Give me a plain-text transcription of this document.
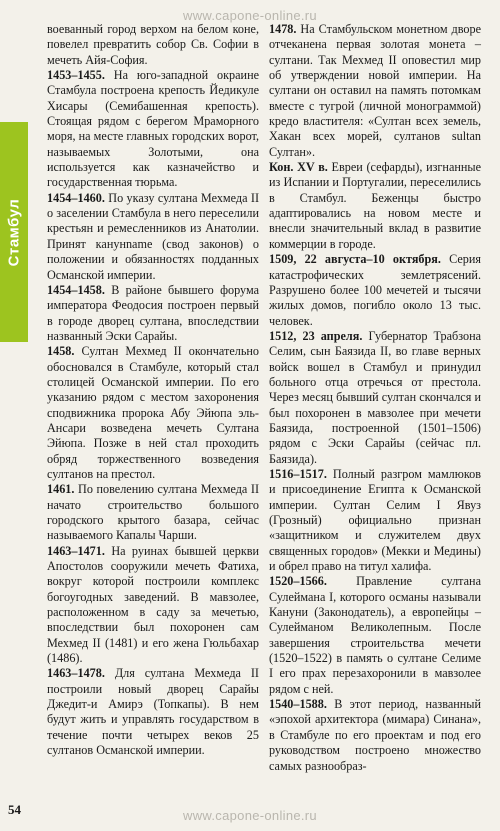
www.capone-online.ru
Стамбул

воеванный город верхом на белом коне, повелел превратить собор Св. Софии в мечеть Айя-София.

1453–1455. На юго-западной окраине Стамбула построена крепость Йедикуле Хисары (Семибашенная крепость). Стоящая рядом с берегом Мраморного моря, на месте главных городских ворот, называемых Золотыми, она используется как казначейство и государственная тюрьма.

1454–1460. По указу султана Мехмеда II о заселении Стамбула в него переселили крестьян и ремесленников из Анатолии. Принят канунname (свод законов) о положении и обязанностях подданных Османской империи.

1454–1458. В районе бывшего форума императора Феодосия построен первый в городе дворец султана, впоследствии названный Эски Сарайы.

1458. Султан Мехмед II окончательно обосновался в Стамбуле, который стал столицей Османской империи. По его указанию рядом с местом захоронения сподвижника пророка Абу Эйюпа эль-Ансари возведена мечеть Султана Эйюпа. Позже в ней стал проходить обряд торжественного возведения султанов на престол.

1461. По повелению султана Мехмеда II начато строительство большого городского крытого базара, сейчас называемого Капалы Чарши.

1463–1471. На руинах бывшей церкви Апостолов сооружили мечеть Фатиха, вокруг которой построили комплекс богоугодных заведений. В мавзолее, расположенном в саду за мечетью, впоследствии был похоронен сам Мехмед II (1481) и его жена Гюльбахар (1486).

1463–1478. Для султана Мехмеда II построили новый дворец Сарайы Джедит-и Амирэ (Топкапы). В нем будут жить и управлять государством в течение почти четырех веков 25 султанов Османской империи.

1478. На Стамбульском монетном дворе отчеканена первая золотая монета – султани. Так Мехмед II оповестил мир об утверждении новой империи. На султани он оставил на память потомкам вместе с тугрой (личной монограммой) кредо властителя: «Султан всех земель, Хакан всех морей, султанов sultan Султан».

Кон. XV в. Евреи (сефарды), изгнанные из Испании и Португалии, переселились в Стамбул. Беженцы быстро адаптировались на новом месте и внесли значительный вклад в развитие коммерции в городе.

1509, 22 августа–10 октября. Серия катастрофических землетрясений. Разрушено более 100 мечетей и тысячи жилых домов, погибло около 13 тыс. человек.

1512, 23 апреля. Губернатор Трабзона Селим, сын Баязида II, во главе верных войск вошел в Стамбул и принудил больного отца отречься от престола. Через месяц бывший султан скончался и был похоронен в мавзолее при мечети Баязида, построенной (1501–1506) рядом с Эски Сарайы (сейчас пл. Баязида).

1516–1517. Полный разгром мамлюков и присоединение Египта к Османской империи. Султан Селим I Явуз (Грозный) официально признан «защитником и служителем двух священных городов» (Мекки и Медины) и обрел право на титул халифа.

1520–1566. Правление султана Сулеймана I, которого османы называли Кануни (Законодатель), а европейцы – Сулейманом Великолепным. После завершения строительства мечети (1520–1522) в память о султане Селиме I его прах перезахоронили в мавзолее рядом с ней.

1540–1588. В этот период, названный «эпохой архитектора (мимара) Синана», в Стамбуле по его проектам и под его руководством построено множество самых разнообраз-

54	www.capone-online.ru
